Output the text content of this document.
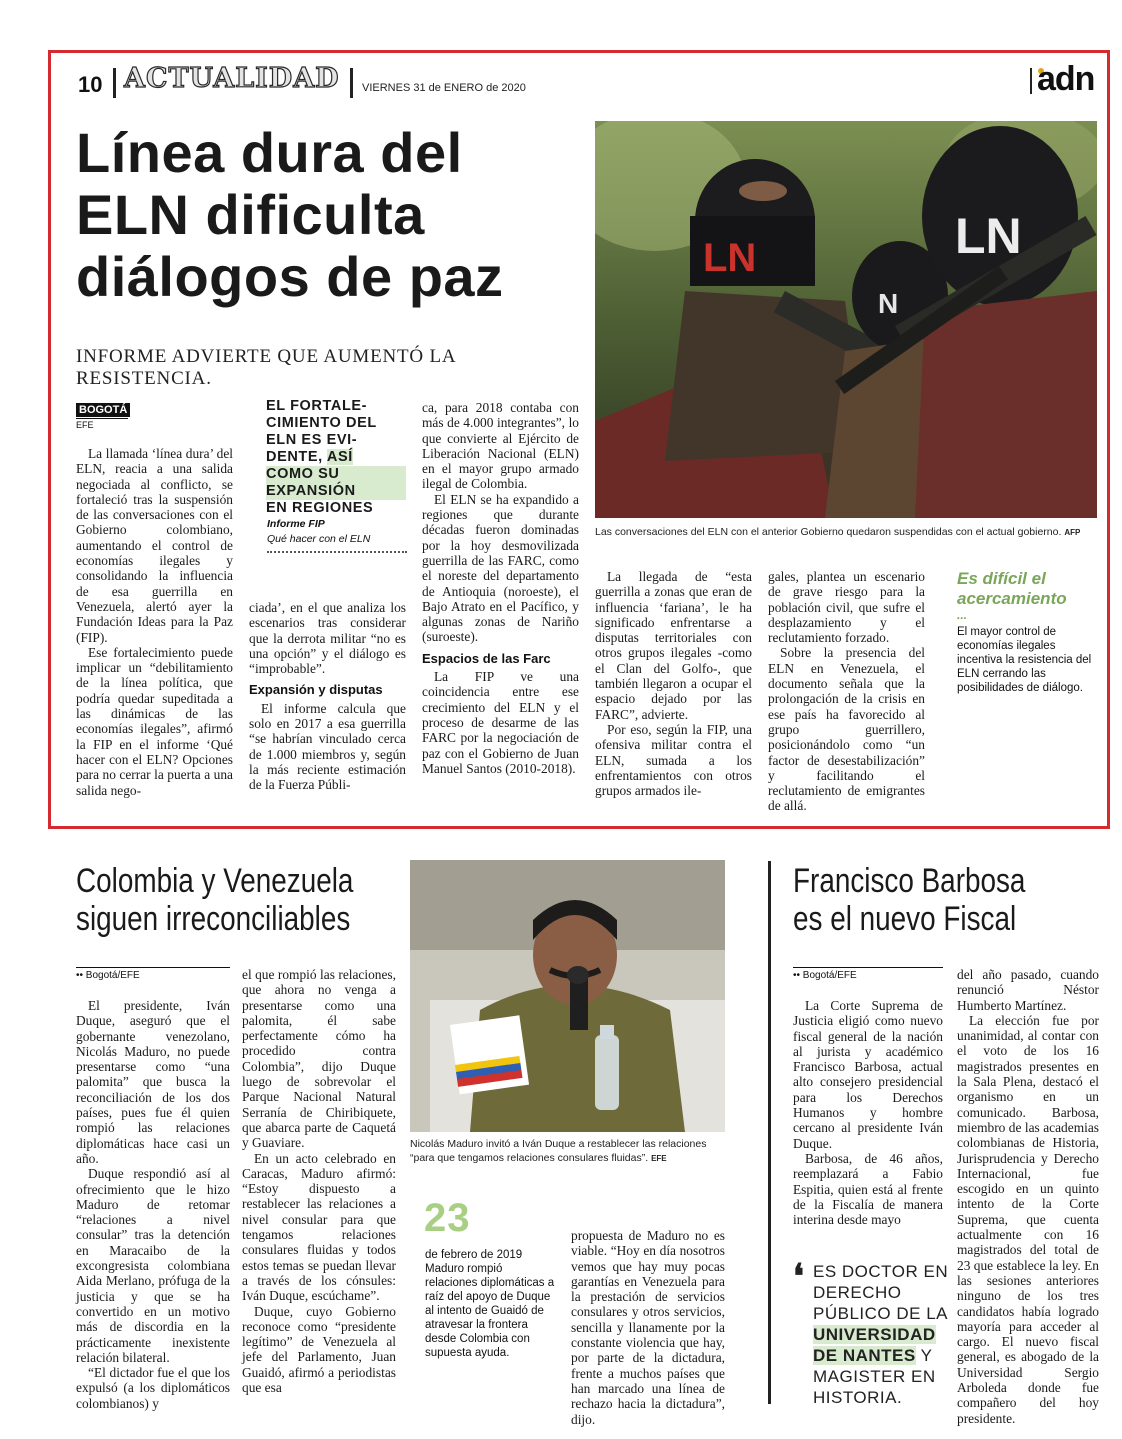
10 ACTUALIDAD VIERNES 31 de ENERO de 2020	adn
Línea dura del
ELN dificulta
diálogos de paz
INFORME ADVIERTE QUE AUMENTÓ LA RESISTENCIA.
LN
N
LN
Las conversaciones del ELN con el anterior Gobierno quedaron suspendidas con el actual gobierno. AFP
BOGOTÁ
EFE

La llamada ‘línea dura’ del ELN, reacia a una salida negociada al conflicto, se fortaleció tras la suspensión de las conversaciones con el Gobierno colombiano, aumentando el control de economías ilegales y consolidando la influencia de esa guerrilla en Venezuela, alertó ayer la Fundación Ideas para la Paz (FIP).

Ese fortalecimiento puede implicar un “debilitamiento de la línea política, que podría quedar supeditada a las dinámicas de las economías ilegales”, afirmó la FIP en el informe ‘Qué hacer con el ELN? Opciones para no cerrar la puerta a una salida nego-

EL FORTALE-
CIMIENTO DEL
ELN ES EVI-
DENTE, ASÍ
COMO SU
EXPANSIÓN
EN REGIONES
Informe FIP
Qué hacer con el ELN

ciada’, en el que analiza los escenarios tras considerar que la derrota militar “no es una opción” y el diálogo es “improbable”.

Expansión y disputas

El informe calcula que solo en 2017 a esa guerrilla “se habrían vinculado cerca de 1.000 miembros y, según la más reciente estimación de la Fuerza Públi-

ca, para 2018 contaba con más de 4.000 integrantes”, lo que convierte al Ejército de Liberación Nacional (ELN) en el mayor grupo armado ilegal de Colombia.

El ELN se ha expandido a regiones que durante décadas fueron dominadas por la hoy desmovilizada guerrilla de las FARC, como el noreste del departamento de Antioquia (noroeste), el Bajo Atrato en el Pacífico, y algunas zonas de Nariño (suroeste).

Espacios de las Farc

La FIP ve una coincidencia entre ese crecimiento del ELN y el proceso de desarme de las FARC por la negociación de paz con el Gobierno de Juan Manuel Santos (2010-2018).

La llegada de “esta guerrilla a zonas que eran de influencia ‘fariana’, le ha significado enfrentarse a disputas territoriales con otros grupos ilegales -como el Clan del Golfo-, que también llegaron a ocupar el espacio dejado por las FARC”, advierte.

Por eso, según la FIP, una ofensiva militar contra el ELN, sumada a los enfrentamientos con otros grupos armados ile-

gales, plantea un escenario de grave riesgo para la población civil, que sufre el desplazamiento y el reclutamiento forzado.

Sobre la presencia del ELN en Venezuela, el documento señala que la prolongación de la crisis en ese país ha favorecido al grupo guerrillero, posicionándolo como “un factor de desestabilización” y facilitando el reclutamiento de emigrantes de allá.

Es difícil el
acercamiento
...
El mayor control de economías ilegales incentiva la resistencia del ELN cerrando las posibilidades de diálogo.
Colombia y Venezuela
siguen irreconciliables
•• Bogotá/EFE

El presidente, Iván Duque, aseguró que el gobernante venezolano, Nicolás Maduro, no puede presentarse como “una palomita” que busca la reconciliación de los dos países, pues fue él quien rompió las relaciones diplomáticas hace casi un año.

Duque respondió así al ofrecimiento que le hizo Maduro de retomar “relaciones a nivel consular” tras la detención en Maracaibo de la excongresista colombiana Aida Merlano, prófuga de la justicia y que se ha convertido en un motivo más de discordia en la prácticamente inexistente relación bilateral.

“El dictador fue el que los expulsó (a los diplomáticos colombianos) y

el que rompió las relaciones, que ahora no venga a presentarse como una palomita, él sabe perfectamente cómo ha procedido contra Colombia”, dijo Duque luego de sobrevolar el Parque Nacional Natural Serranía de Chiribiquete, que abarca parte de Caquetá y Guaviare.

En un acto celebrado en Caracas, Maduro afirmó: “Estoy dispuesto a restablecer las relaciones a nivel consular para que tengamos relaciones consulares fluidas y todos estos temas se puedan llevar a través de los cónsules: Iván Duque, escúchame”.

Duque, cuyo Gobierno reconoce como “presidente legítimo” de Venezuela al jefe del Parlamento, Juan Guaidó, afirmó a periodistas que esa

Nicolás Maduro invitó a Iván Duque a restablecer las relaciones “para que tengamos relaciones consulares fluidas”. EFE
23
de febrero de 2019 Maduro rompió relaciones diplomáticas a raíz del apoyo de Duque al intento de Guaidó de atravesar la frontera desde Colombia con supuesta ayuda.

propuesta de Maduro no es viable. “Hoy en día nosotros vemos que hay muy pocas garantías en Venezuela para la prestación de servicios consulares y otros servicios, sencilla y llanamente por la constante violencia que hay, por parte de la dictadura, frente a muchos países que han marcado una línea de rechazo hacia la dictadura”, dijo.

Francisco Barbosa
es el nuevo Fiscal
•• Bogotá/EFE

La Corte Suprema de Justicia eligió como nuevo fiscal general de la nación al jurista y académico Francisco Barbosa, actual alto consejero presidencial para los Derechos Humanos y hombre cercano al presidente Iván Duque.

Barbosa, de 46 años, reemplazará a Fabio Espitia, quien está al frente de la Fiscalía de manera interina desde mayo

❛ ES DOCTOR EN
DERECHO
PÚBLICO DE LA
UNIVERSIDAD
DE NANTES Y
MAGISTER EN
HISTORIA.

del año pasado, cuando renunció Néstor Humberto Martínez.

La elección fue por unanimidad, al contar con el voto de los 16 magistrados presentes en la Sala Plena, destacó el organismo en un comunicado. Barbosa, miembro de las academias colombianas de Historia, Jurisprudencia y Derecho Internacional, fue escogido en un quinto intento de la Corte Suprema, que cuenta actualmente con 16 magistrados del total de 23 que establece la ley. En las sesiones anteriores ninguno de los tres candidatos había logrado mayoría para acceder al cargo. El nuevo fiscal general, es abogado de la Universidad Sergio Arboleda donde fue compañero del hoy presidente.
